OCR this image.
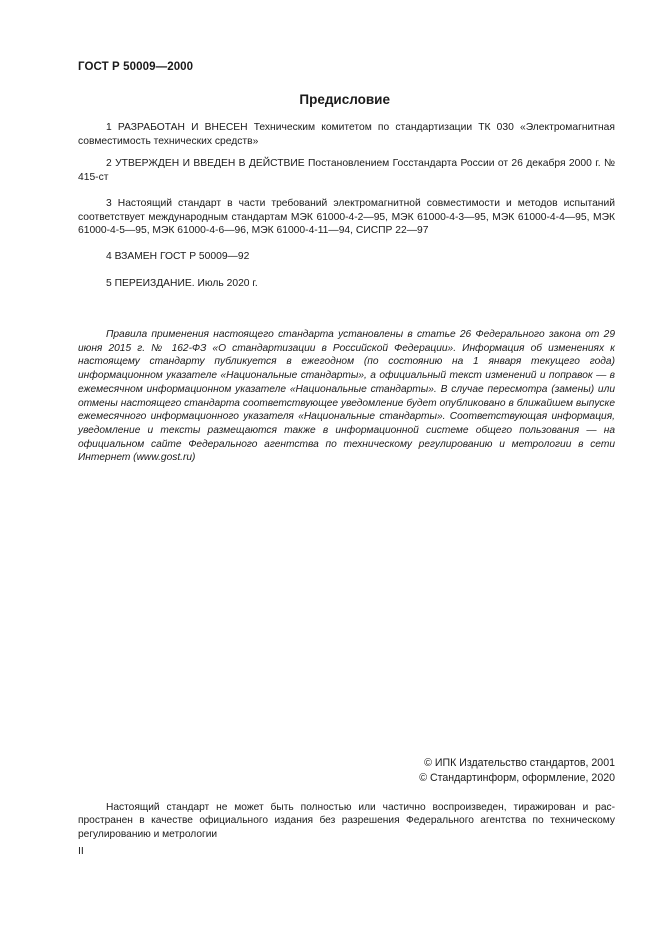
ГОСТ Р 50009—2000
Предисловие

1 РАЗРАБОТАН И ВНЕСЕН Техническим комитетом по стандартизации ТК 030 «Электромагнитная совместимость технических средств»

2 УТВЕРЖДЕН И ВВЕДЕН В ДЕЙСТВИЕ Постановлением Госстандарта России от 26 декабря 2000 г. № 415-ст

3 Настоящий стандарт в части требований электромагнитной совместимости и методов испытаний соответствует международным стандартам МЭК 61000-4-2—95, МЭК 61000-4-3—95, МЭК 61000-4-4—95, МЭК 61000-4-5—95, МЭК 61000-4-6—96, МЭК 61000-4-11—94, СИСПР 22—97

4 ВЗАМЕН ГОСТ Р 50009—92

5 ПЕРЕИЗДАНИЕ. Июль 2020 г.

Правила применения настоящего стандарта установлены в статье 26 Федерального закона от 29 июня 2015 г. № 162-ФЗ «О стандартизации в Российской Федерации». Информация об изменениях к настоящему стандарту публикуется в ежегодном (по состоянию на 1 января текущего года) информационном указателе «Национальные стандарты», а официальный текст изменений и поправок — в ежемесячном информационном указателе «Национальные стандарты». В случае пересмотра (замены) или отмены настоящего стандарта соответствующее уведомление будет опубликовано в ближайшем выпуске ежемесячного информационного указателя «Национальные стандарты». Соответствующая информация, уведомление и тексты размещаются также в информационной системе общего пользования — на официальном сайте Федерального агентства по техническому регулированию и метрологии в сети Интернет (www.gost.ru)

© ИПК Издательство стандартов, 2001
© Стандартинформ, оформление, 2020

Настоящий стандарт не может быть полностью или частично воспроизведен, тиражирован и распространен в качестве официального издания без разрешения Федерального агентства по техническому регулированию и метрологии

II
